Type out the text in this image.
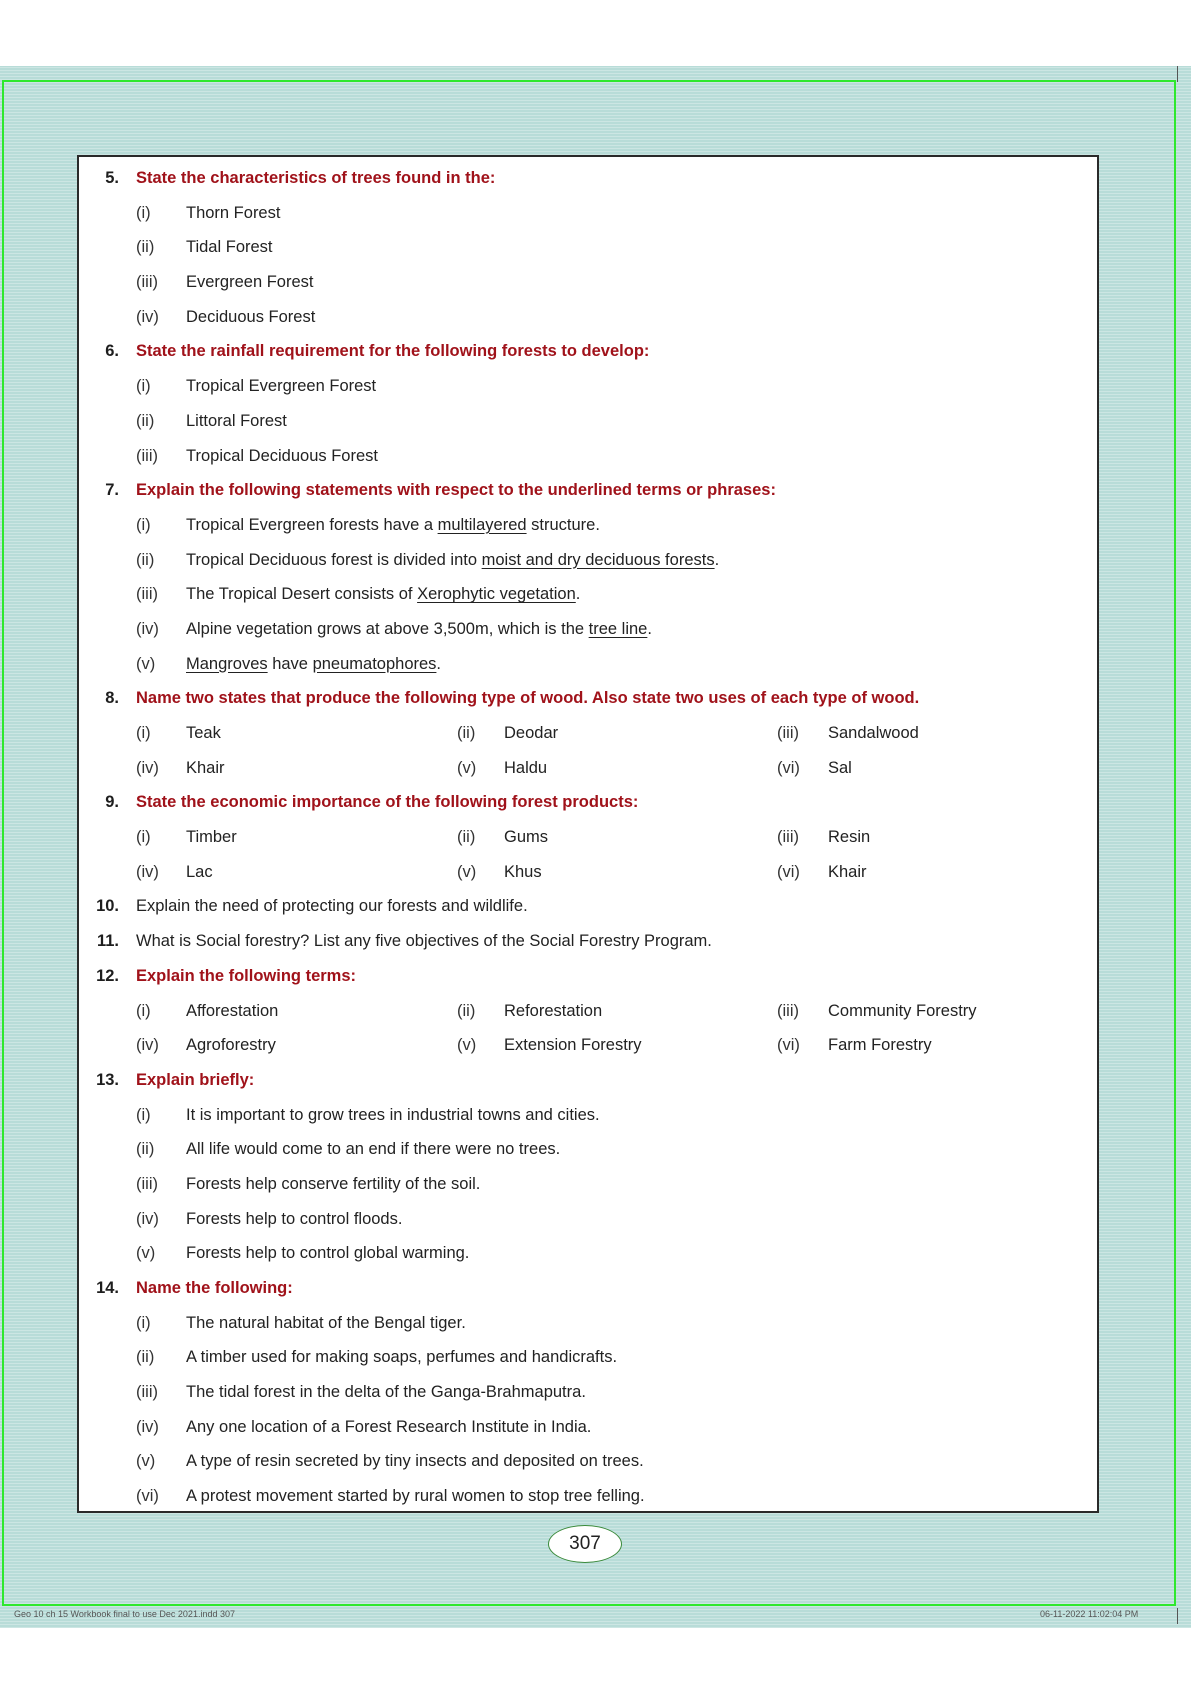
5. State the characteristics of trees found in the:
(i) Thorn Forest
(ii) Tidal Forest
(iii) Evergreen Forest
(iv) Deciduous Forest
6. State the rainfall requirement for the following forests to develop:
(i) Tropical Evergreen Forest
(ii) Littoral Forest
(iii) Tropical Deciduous Forest
7. Explain the following statements with respect to the underlined terms or phrases:
(i) Tropical Evergreen forests have a multilayered structure.
(ii) Tropical Deciduous forest is divided into moist and dry deciduous forests.
(iii) The Tropical Desert consists of Xerophytic vegetation.
(iv) Alpine vegetation grows at above 3,500m, which is the tree line.
(v) Mangroves have pneumatophores.
8. Name two states that produce the following type of wood. Also state two uses of each type of wood.
(i) Teak	(ii) Deodar	(iii) Sandalwood
(iv) Khair	(v) Haldu	(vi) Sal
9. State the economic importance of the following forest products:
(i) Timber	(ii) Gums	(iii) Resin
(iv) Lac	(v) Khus	(vi) Khair
10. Explain the need of protecting our forests and wildlife.
11. What is Social forestry? List any five objectives of the Social Forestry Program.
12. Explain the following terms:
(i) Afforestation	(ii) Reforestation	(iii) Community Forestry
(iv) Agroforestry	(v) Extension Forestry	(vi) Farm Forestry
13. Explain briefly:
(i) It is important to grow trees in industrial towns and cities.
(ii) All life would come to an end if there were no trees.
(iii) Forests help conserve fertility of the soil.
(iv) Forests help to control floods.
(v) Forests help to control global warming.
14. Name the following:
(i) The natural habitat of the Bengal tiger.
(ii) A timber used for making soaps, perfumes and handicrafts.
(iii) The tidal forest in the delta of the Ganga-Brahmaputra.
(iv) Any one location of a Forest Research Institute in India.
(v) A type of resin secreted by tiny insects and deposited on trees.
(vi) A protest movement started by rural women to stop tree felling.
307
Geo 10 ch 15 Workbook final to use Dec 2021.indd 307	06-11-2022 11:02:04 PM
